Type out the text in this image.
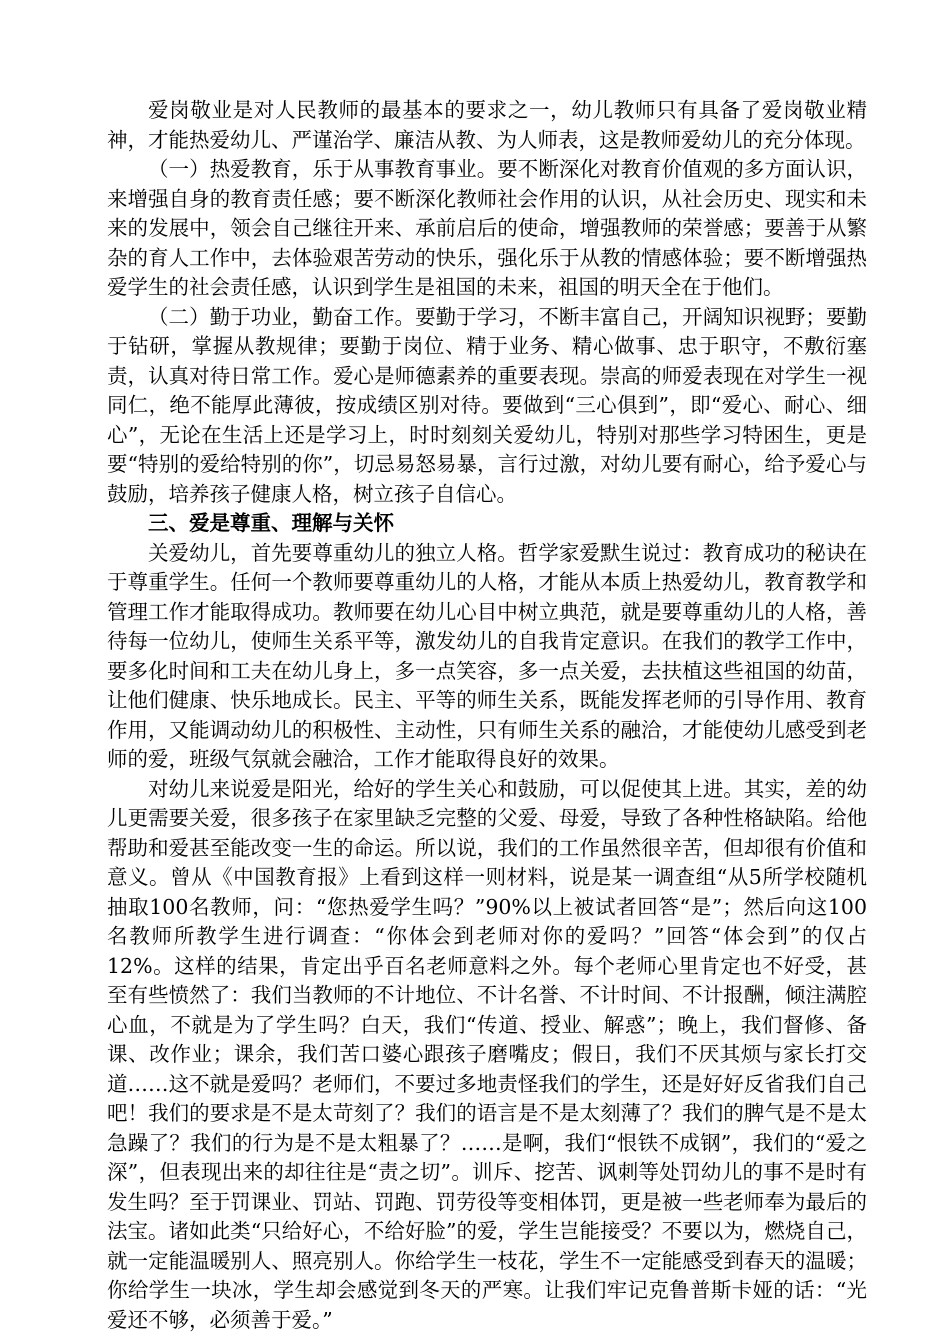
爱岗敬业是对人民教师的最基本的要求之一，幼儿教师只有具备了爱岗敬业精神，才能热爱幼儿、严谨治学、廉洁从教、为人师表，这是教师爱幼儿的充分体现。

（一）热爱教育，乐于从事教育事业。要不断深化对教育价值观的多方面认识，来增强自身的教育责任感；要不断深化教师社会作用的认识，从社会历史、现实和未来的发展中，领会自己继往开来、承前启后的使命，增强教师的荣誉感；要善于从繁杂的育人工作中，去体验艰苦劳动的快乐，强化乐于从教的情感体验；要不断增强热爱学生的社会责任感，认识到学生是祖国的未来，祖国的明天全在于他们。

（二）勤于功业，勤奋工作。要勤于学习，不断丰富自己，开阔知识视野；要勤于钻研，掌握从教规律；要勤于岗位、精于业务、精心做事、忠于职守，不敷衍塞责，认真对待日常工作。爱心是师德素养的重要表现。崇高的师爱表现在对学生一视同仁，绝不能厚此薄彼，按成绩区别对待。要做到“三心俱到”，即“爱心、耐心、细心”，无论在生活上还是学习上，时时刻刻关爱幼儿，特别对那些学习特困生，更是要“特别的爱给特别的你”，切忌易怒易暴，言行过激，对幼儿要有耐心，给予爱心与鼓励，培养孩子健康人格，树立孩子自信心。

三、爱是尊重、理解与关怀

关爱幼儿，首先要尊重幼儿的独立人格。哲学家爱默生说过：教育成功的秘诀在于尊重学生。任何一个教师要尊重幼儿的人格，才能从本质上热爱幼儿，教育教学和管理工作才能取得成功。教师要在幼儿心目中树立典范，就是要尊重幼儿的人格，善待每一位幼儿，使师生关系平等，激发幼儿的自我肯定意识。在我们的教学工作中，要多化时间和工夫在幼儿身上，多一点笑容，多一点关爱，去扶植这些祖国的幼苗，让他们健康、快乐地成长。民主、平等的师生关系，既能发挥老师的引导作用、教育作用，又能调动幼儿的积极性、主动性，只有师生关系的融洽，才能使幼儿感受到老师的爱，班级气氛就会融洽，工作才能取得良好的效果。

对幼儿来说爱是阳光，给好的学生关心和鼓励，可以促使其上进。其实，差的幼儿更需要关爱，很多孩子在家里缺乏完整的父爱、母爱，导致了各种性格缺陷。给他帮助和爱甚至能改变一生的命运。所以说，我们的工作虽然很辛苦，但却很有价值和意义。曾从《中国教育报》上看到这样一则材料，说是某一调查组“从5所学校随机抽取100名教师，问：“您热爱学生吗？”90%以上被试者回答“是”；然后向这100名教师所教学生进行调查：“你体会到老师对你的爱吗？”回答“体会到”的仅占12%。这样的结果，肯定出乎百名老师意料之外。每个老师心里肯定也不好受，甚至有些愤然了：我们当教师的不计地位、不计名誉、不计时间、不计报酬，倾注满腔心血，不就是为了学生吗？白天，我们“传道、授业、解惑”；晚上，我们督修、备课、改作业；课余，我们苦口婆心跟孩子磨嘴皮；假日，我们不厌其烦与家长打交道……这不就是爱吗？老师们，不要过多地责怪我们的学生，还是好好反省我们自己吧！我们的要求是不是太苛刻了？我们的语言是不是太刻薄了？我们的脾气是不是太急躁了？我们的行为是不是太粗暴了？……是啊，我们“恨铁不成钢”，我们的“爱之深”，但表现出来的却往往是“责之切”。训斥、挖苦、讽刺等处罚幼儿的事不是时有发生吗？至于罚课业、罚站、罚跑、罚劳役等变相体罚，更是被一些老师奉为最后的法宝。诸如此类“只给好心，不给好脸”的爱，学生岂能接受？不要以为，燃烧自己，就一定能温暖别人、照亮别人。你给学生一枝花，学生不一定能感受到春天的温暖；你给学生一块冰，学生却会感觉到冬天的严寒。让我们牢记克鲁普斯卡娅的话：“光爱还不够，必须善于爱。”
